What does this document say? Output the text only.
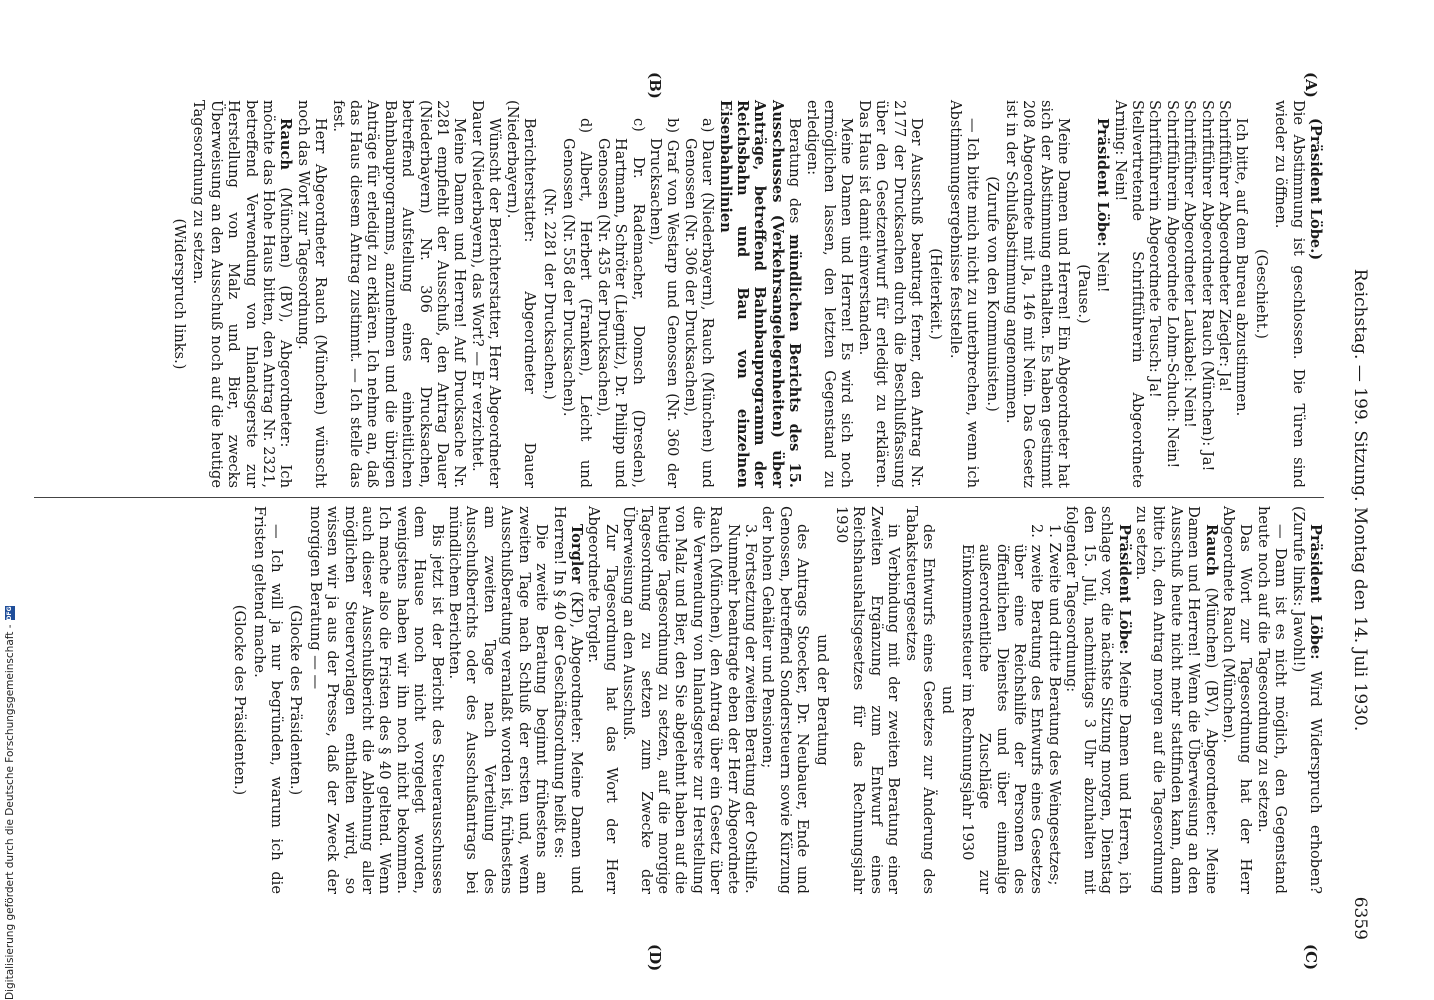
Reichstag. — 199. Sitzung. Montag den 14. Juli 1930.
6359
(A)
(B)
(C)
(D)

(Präsident Löbe.)

Die Abstimmung ist geschlossen. Die Türen sind wieder zu öffnen.

(Geschieht.)

Ich bitte, auf dem Bureau abzustimmen.

Schriftführer Abgeordneter Ziegler: Ja!

Schriftführer Abgeordneter Rauch (München): Ja!

Schriftführer Abgeordneter Laukabel: Nein!

Schriftführerin Abgeordnete Lohm-Schuch: Nein!

Schriftführerin Abgeordnete Teusch: Ja!

Stellvertretende Schriftführerin Abgeordnete Arning: Nein!

Präsident Löbe: Nein!

(Pause.)

Meine Damen und Herren! Ein Abgeordneter hat sich der Abstimmung enthalten. Es haben gestimmt 208 Abgeordnete mit Ja, 146 mit Nein. Das Gesetz ist in der Schlußabstimmung angenommen.

(Zurufe von den Kommunisten.)

— Ich bitte mich nicht zu unterbrechen, wenn ich Abstimmungsergebnisse feststelle.

(Heiterkeit.)

Der Ausschuß beantragt ferner, den Antrag Nr. 2177 der Drucksachen durch die Beschlußfassung über den Gesetzentwurf für erledigt zu erklären. Das Haus ist damit einverstanden.

Meine Damen und Herren! Es wird sich noch ermöglichen lassen, den letzten Gegenstand zu erledigen:

Beratung des mündlichen Berichts des 15. Ausschusses (Verkehrsangelegenheiten) über Anträge, betreffend Bahnbauprogramm der Reichsbahn und Bau von einzelnen Eisenbahnlinien

a) Dauer (Niederbayern), Rauch (München) und Genossen (Nr. 306 der Drucksachen),

b) Graf von Westarp und Genossen (Nr. 360 der Drucksachen),

c) Dr. Rademacher, Domsch (Dresden), Hartmann, Schröter (Liegnitz), Dr. Philipp und Genossen (Nr. 435 der Drucksachen),

d) Albert, Herbert (Franken), Leicht und Genossen (Nr. 558 der Drucksachen).

(Nr. 2281 der Drucksachen.)

Berichterstatter: Abgeordneter Dauer (Niederbayern).

Wünscht der Berichterstatter, Herr Abgeordneter Dauer (Niederbayern), das Wort? — Er verzichtet.

Meine Damen und Herren! Auf Drucksache Nr. 2281 empfiehlt der Ausschuß, den Antrag Dauer (Niederbayern) Nr. 306 der Drucksachen, betreffend Aufstellung eines einheitlichen Bahnbauprogramms, anzunehmen und die übrigen Anträge für erledigt zu erklären. Ich nehme an, daß das Haus diesem Antrag zustimmt. — Ich stelle das fest.

Herr Abgeordneter Rauch (München) wünscht noch das Wort zur Tagesordnung.

Rauch (München) (BV), Abgeordneter: Ich möchte das Hohe Haus bitten, den Antrag Nr. 2321, betreffend Verwendung von Inlandsgerste zur Herstellung von Malz und Bier, zwecks Überweisung an den Ausschuß noch auf die heutige Tagesordnung zu setzen.

(Widerspruch links.)

Präsident Löbe: Wird Widerspruch erhoben? (Zurufe links: Jawohl!)

— Dann ist es nicht möglich, den Gegenstand heute noch auf die Tagesordnung zu setzen.

Das Wort zur Tagesordnung hat der Herr Abgeordnete Rauch (München).

Rauch (München) (BV), Abgeordneter: Meine Damen und Herren! Wenn die Überweisung an den Ausschuß heute nicht mehr stattfinden kann, dann bitte ich, den Antrag morgen auf die Tagesordnung zu setzen.

Präsident Löbe: Meine Damen und Herren, ich schlage vor, die nächste Sitzung morgen, Dienstag den 15. Juli, nachmittags 3 Uhr abzuhalten mit folgender Tagesordnung:

1. Zweite und dritte Beratung des Weingesetzes;

2. zweite Beratung des Entwurfs eines Gesetzes über eine Reichshilfe der Personen des öffentlichen Dienstes und über einmalige außerordentliche Zuschläge zur Einkommensteuer im Rechnungsjahr 1930

und

des Entwurfs eines Gesetzes zur Änderung des Tabaksteuergesetzes

in Verbindung mit der zweiten Beratung einer Zweiten Ergänzung zum Entwurf eines Reichshaushaltsgesetzes für das Rechnungsjahr 1930

und der Beratung

des Antrags Stoecker, Dr. Neubauer, Ende und Genossen, betreffend Sondersteuern sowie Kürzung der hohen Gehälter und Pensionen;

3. Fortsetzung der zweiten Beratung der Osthilfe.

Nunmehr beantragte eben der Herr Abgeordnete Rauch (München), den Antrag über ein Gesetz über die Verwendung von Inlandsgerste zur Herstellung von Malz und Bier, den Sie abgelehnt haben auf die heutige Tagesordnung zu setzen, auf die morgige Tagesordnung zu setzen zum Zwecke der Überweisung an den Ausschuß.

Zur Tagesordnung hat das Wort der Herr Abgeordnete Torgler.

Torgler (KP), Abgeordneter: Meine Damen und Herren! In § 40 der Geschäftsordnung heißt es:

Die zweite Beratung beginnt frühestens am zweiten Tage nach Schluß der ersten und, wenn Ausschußberatung veranlaßt worden ist, frühestens am zweiten Tage nach Verteilung des Ausschußberichts oder des Ausschußantrags bei mündlichem Berichten.

Bis jetzt ist der Bericht des Steuerausschusses dem Hause noch nicht vorgelegt worden, wenigstens haben wir ihn noch nicht bekommen. Ich mache also die Fristen des § 40 geltend. Wenn auch dieser Ausschußbericht die Ablehnung aller möglichen Steuervorlagen enthalten wird, so wissen wir ja aus der Presse, daß der Zweck der morgigen Beratung — —

(Glocke des Präsidenten.)

— Ich will ja nur begründen, warum ich die Fristen geltend mache.

(Glocke des Präsidenten.)

Digitalisierung gefördert durch die Deutsche Forschungsgemeinschaft -
DFG
